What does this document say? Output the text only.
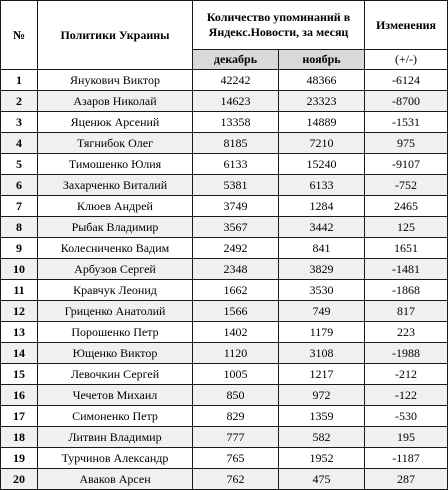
№	Политики Украины	Количество упоминаний в Яндекс.Новости, за месяц		Изменения
		декабрь	ноябрь	(+/-)
1	Янукович Виктор	42242	48366	-6124
2	Азаров Николай	14623	23323	-8700
3	Яценюк Арсений	13358	14889	-1531
4	Тягнибок Олег	8185	7210	975
5	Тимошенко Юлия	6133	15240	-9107
6	Захарченко Виталий	5381	6133	-752
7	Клюев Андрей	3749	1284	2465
8	Рыбак Владимир	3567	3442	125
9	Колесниченко Вадим	2492	841	1651
10	Арбузов Сергей	2348	3829	-1481
11	Кравчук Леонид	1662	3530	-1868
12	Гриценко Анатолий	1566	749	817
13	Порошенко Петр	1402	1179	223
14	Ющенко Виктор	1120	3108	-1988
15	Левочкин Сергей	1005	1217	-212
16	Чечетов Михаил	850	972	-122
17	Симоненко Петр	829	1359	-530
18	Литвин Владимир	777	582	195
19	Турчинов Александр	765	1952	-1187
20	Аваков Арсен	762	475	287
